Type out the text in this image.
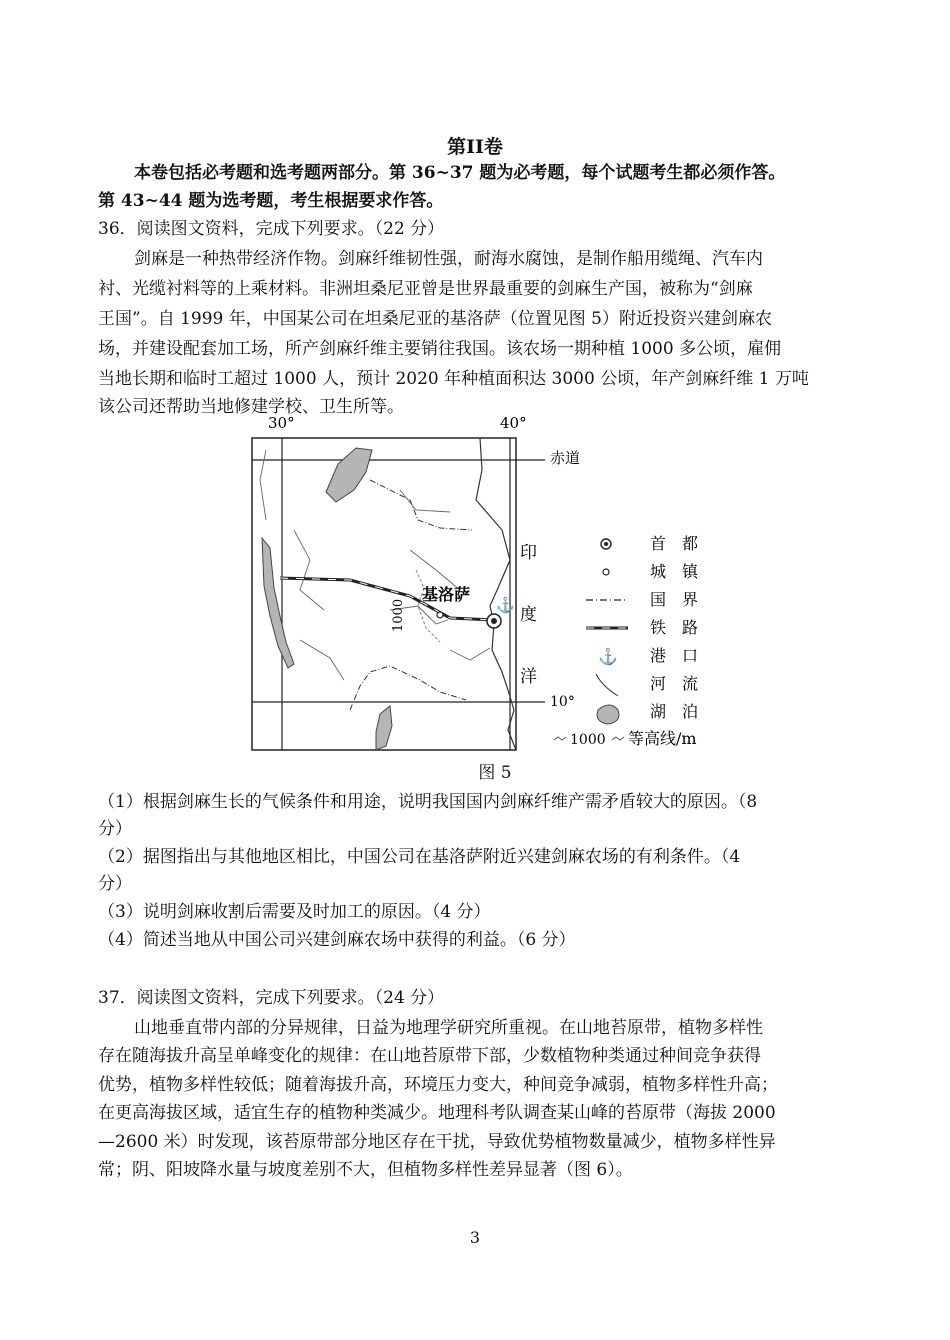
第II卷
本卷包括必考题和选考题两部分。第 36~37 题为必考题，每个试题考生都必须作答。
第 43~44 题为选考题，考生根据要求作答。
36．阅读图文资料，完成下列要求。（22 分）
剑麻是一种热带经济作物。剑麻纤维韧性强，耐海水腐蚀，是制作船用缆绳、汽车内
衬、光缆衬料等的上乘材料。非洲坦桑尼亚曾是世界最重要的剑麻生产国，被称为“剑麻
王国”。自 1999 年，中国某公司在坦桑尼亚的基洛萨（位置见图 5）附近投资兴建剑麻农
场，并建设配套加工场，所产剑麻纤维主要销往我国。该农场一期种植 1000 多公顷，雇佣
当地长期和临时工超过 1000 人，预计 2020 年种植面积达 3000 公顷，年产剑麻纤维 1 万吨
该公司还帮助当地修建学校、卫生所等。
30°	40°
赤道
10°
1000
基洛萨
⚓
印
度
洋
首　都
城　镇
国　界
铁　路
⚓ 港　口
河　流
湖　泊
1000 等高线/m
图 5
（1）根据剑麻生长的气候条件和用途，说明我国国内剑麻纤维产需矛盾较大的原因。（8
分）
（2）据图指出与其他地区相比，中国公司在基洛萨附近兴建剑麻农场的有利条件。（4
分）
（3）说明剑麻收割后需要及时加工的原因。（4 分）
（4）简述当地从中国公司兴建剑麻农场中获得的利益。（6 分）
37．阅读图文资料，完成下列要求。（24 分）
山地垂直带内部的分异规律，日益为地理学研究所重视。在山地苔原带，植物多样性
存在随海拔升高呈单峰变化的规律：在山地苔原带下部，少数植物种类通过种间竞争获得
优势，植物多样性较低；随着海拔升高，环境压力变大，种间竞争减弱，植物多样性升高；
在更高海拔区域，适宜生存的植物种类减少。地理科考队调查某山峰的苔原带（海拔 2000
—2600 米）时发现，该苔原带部分地区存在干扰，导致优势植物数量减少，植物多样性异
常；阴、阳坡降水量与坡度差别不大，但植物多样性差异显著（图 6）。
3
